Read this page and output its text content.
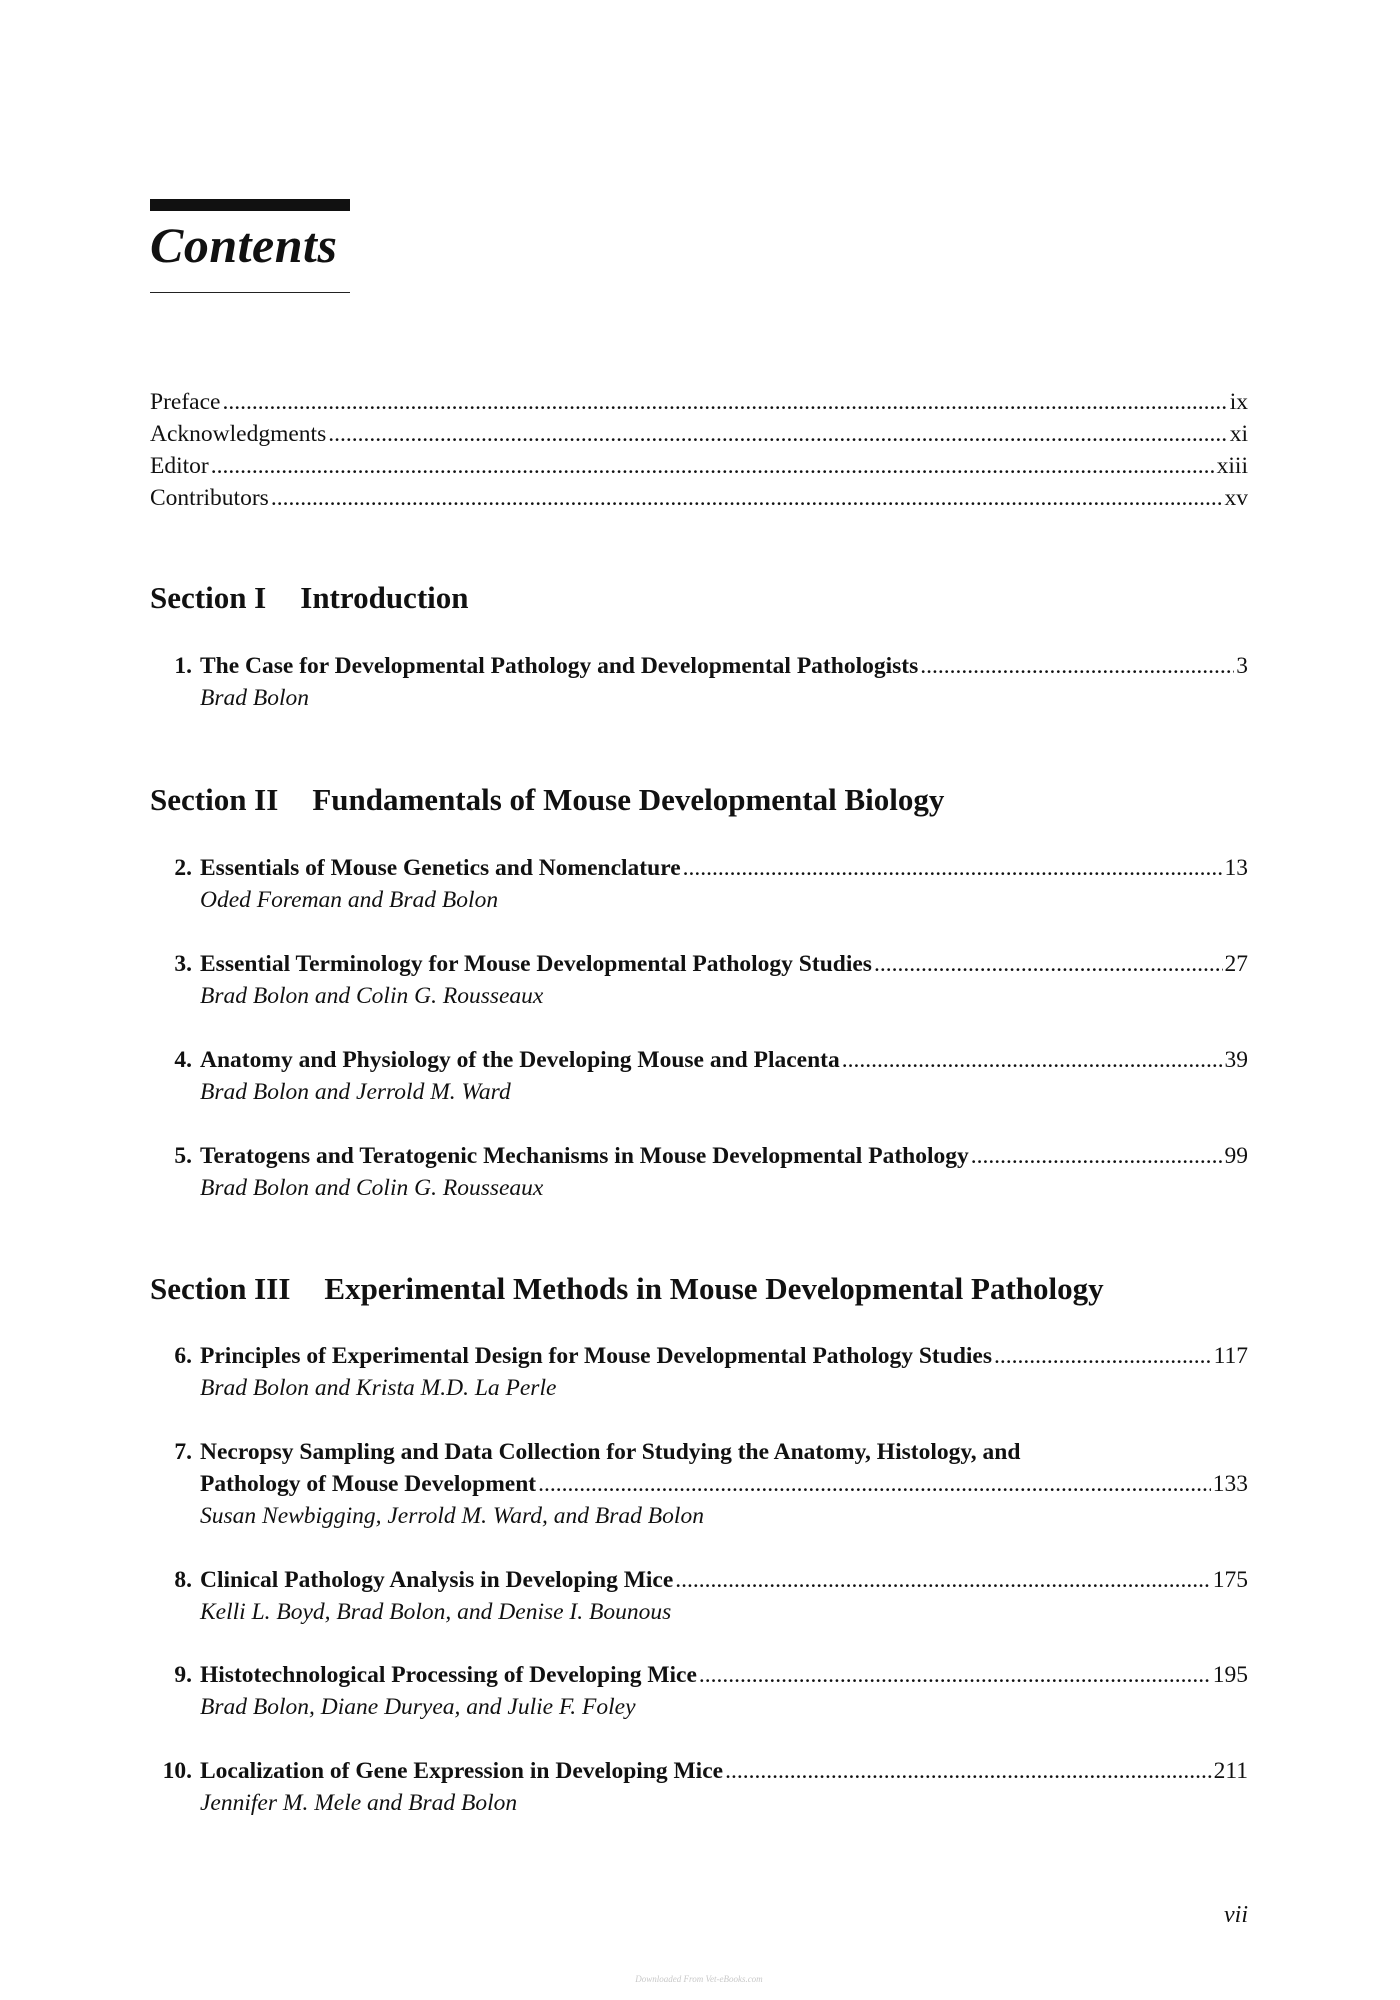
Contents
Preface .....	ix
Acknowledgments .....	xi
Editor .....	xiii
Contributors .....	xv
Section I Introduction
1. The Case for Developmental Pathology and Developmental Pathologists .....	3
Brad Bolon
Section II Fundamentals of Mouse Developmental Biology
2. Essentials of Mouse Genetics and Nomenclature .....	13
Oded Foreman and Brad Bolon
3. Essential Terminology for Mouse Developmental Pathology Studies .....	27
Brad Bolon and Colin G. Rousseaux
4. Anatomy and Physiology of the Developing Mouse and Placenta .....	39
Brad Bolon and Jerrold M. Ward
5. Teratogens and Teratogenic Mechanisms in Mouse Developmental Pathology .....	99
Brad Bolon and Colin G. Rousseaux
Section III Experimental Methods in Mouse Developmental Pathology
6. Principles of Experimental Design for Mouse Developmental Pathology Studies .....	117
Brad Bolon and Krista M.D. La Perle
7. Necropsy Sampling and Data Collection for Studying the Anatomy, Histology, and
Pathology of Mouse Development .....	133
Susan Newbigging, Jerrold M. Ward, and Brad Bolon
8. Clinical Pathology Analysis in Developing Mice .....	175
Kelli L. Boyd, Brad Bolon, and Denise I. Bounous
9. Histotechnological Processing of Developing Mice .....	195
Brad Bolon, Diane Duryea, and Julie F. Foley
10. Localization of Gene Expression in Developing Mice .....	211
Jennifer M. Mele and Brad Bolon
vii
Downloaded From Vet-eBooks.com
